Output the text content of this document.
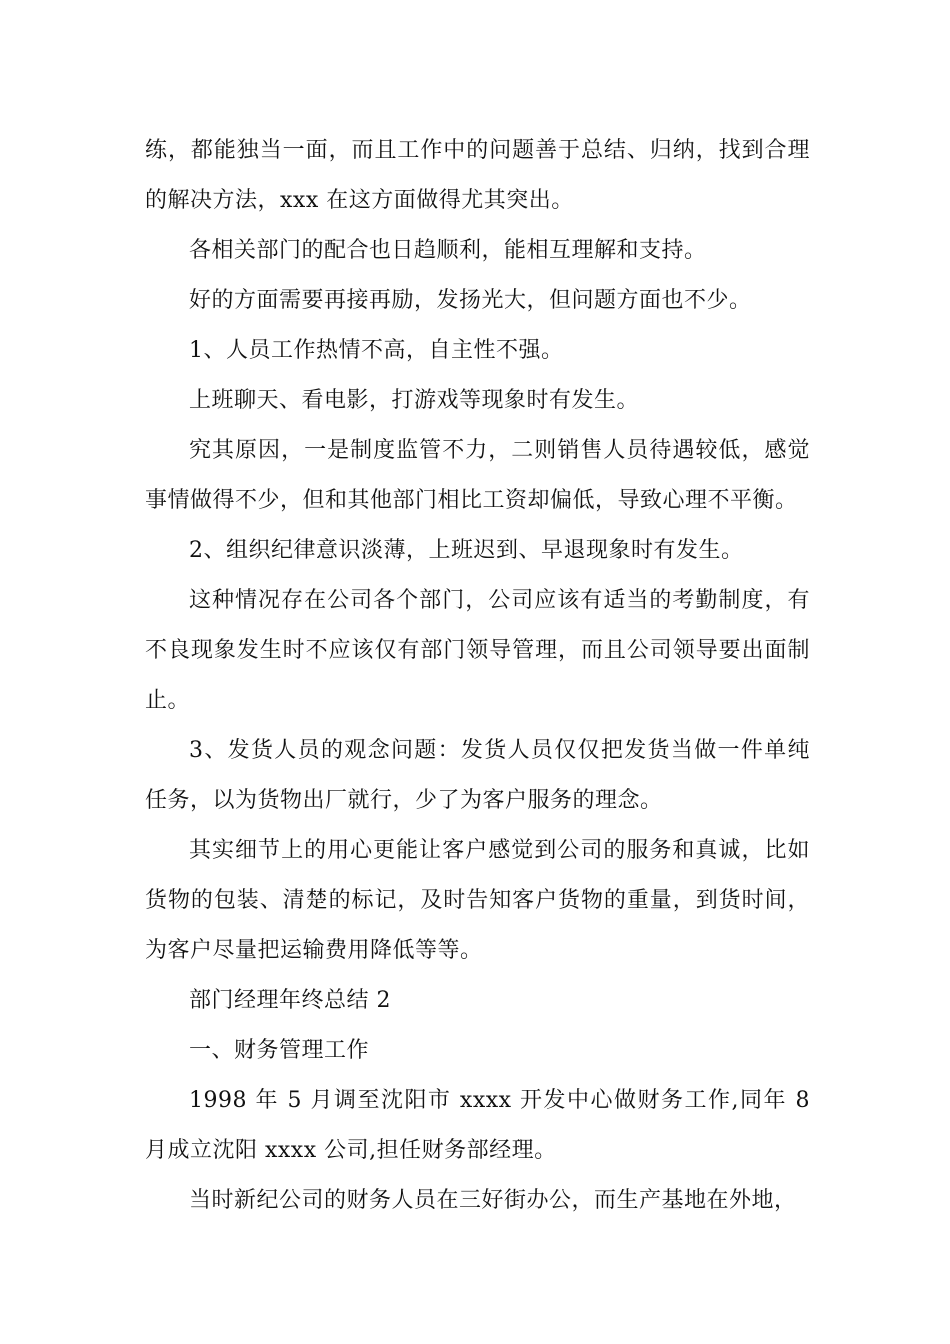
练，都能独当一面，而且工作中的问题善于总结、归纳，找到合理的解决方法，xxx 在这方面做得尤其突出。

各相关部门的配合也日趋顺利，能相互理解和支持。

好的方面需要再接再励，发扬光大，但问题方面也不少。

1、人员工作热情不高，自主性不强。

上班聊天、看电影，打游戏等现象时有发生。

究其原因，一是制度监管不力，二则销售人员待遇较低，感觉事情做得不少，但和其他部门相比工资却偏低，导致心理不平衡。

2、组织纪律意识淡薄，上班迟到、早退现象时有发生。

这种情况存在公司各个部门，公司应该有适当的考勤制度，有不良现象发生时不应该仅有部门领导管理，而且公司领导要出面制止。

3、发货人员的观念问题：发货人员仅仅把发货当做一件单纯任务，以为货物出厂就行，少了为客户服务的理念。

其实细节上的用心更能让客户感觉到公司的服务和真诚，比如货物的包装、清楚的标记，及时告知客户货物的重量，到货时间，为客户尽量把运输费用降低等等。

部门经理年终总结 2

一、财务管理工作

1998 年 5 月调至沈阳市 xxxx 开发中心做财务工作,同年 8 月成立沈阳 xxxx 公司,担任财务部经理。

当时新纪公司的财务人员在三好街办公，而生产基地在外地，
